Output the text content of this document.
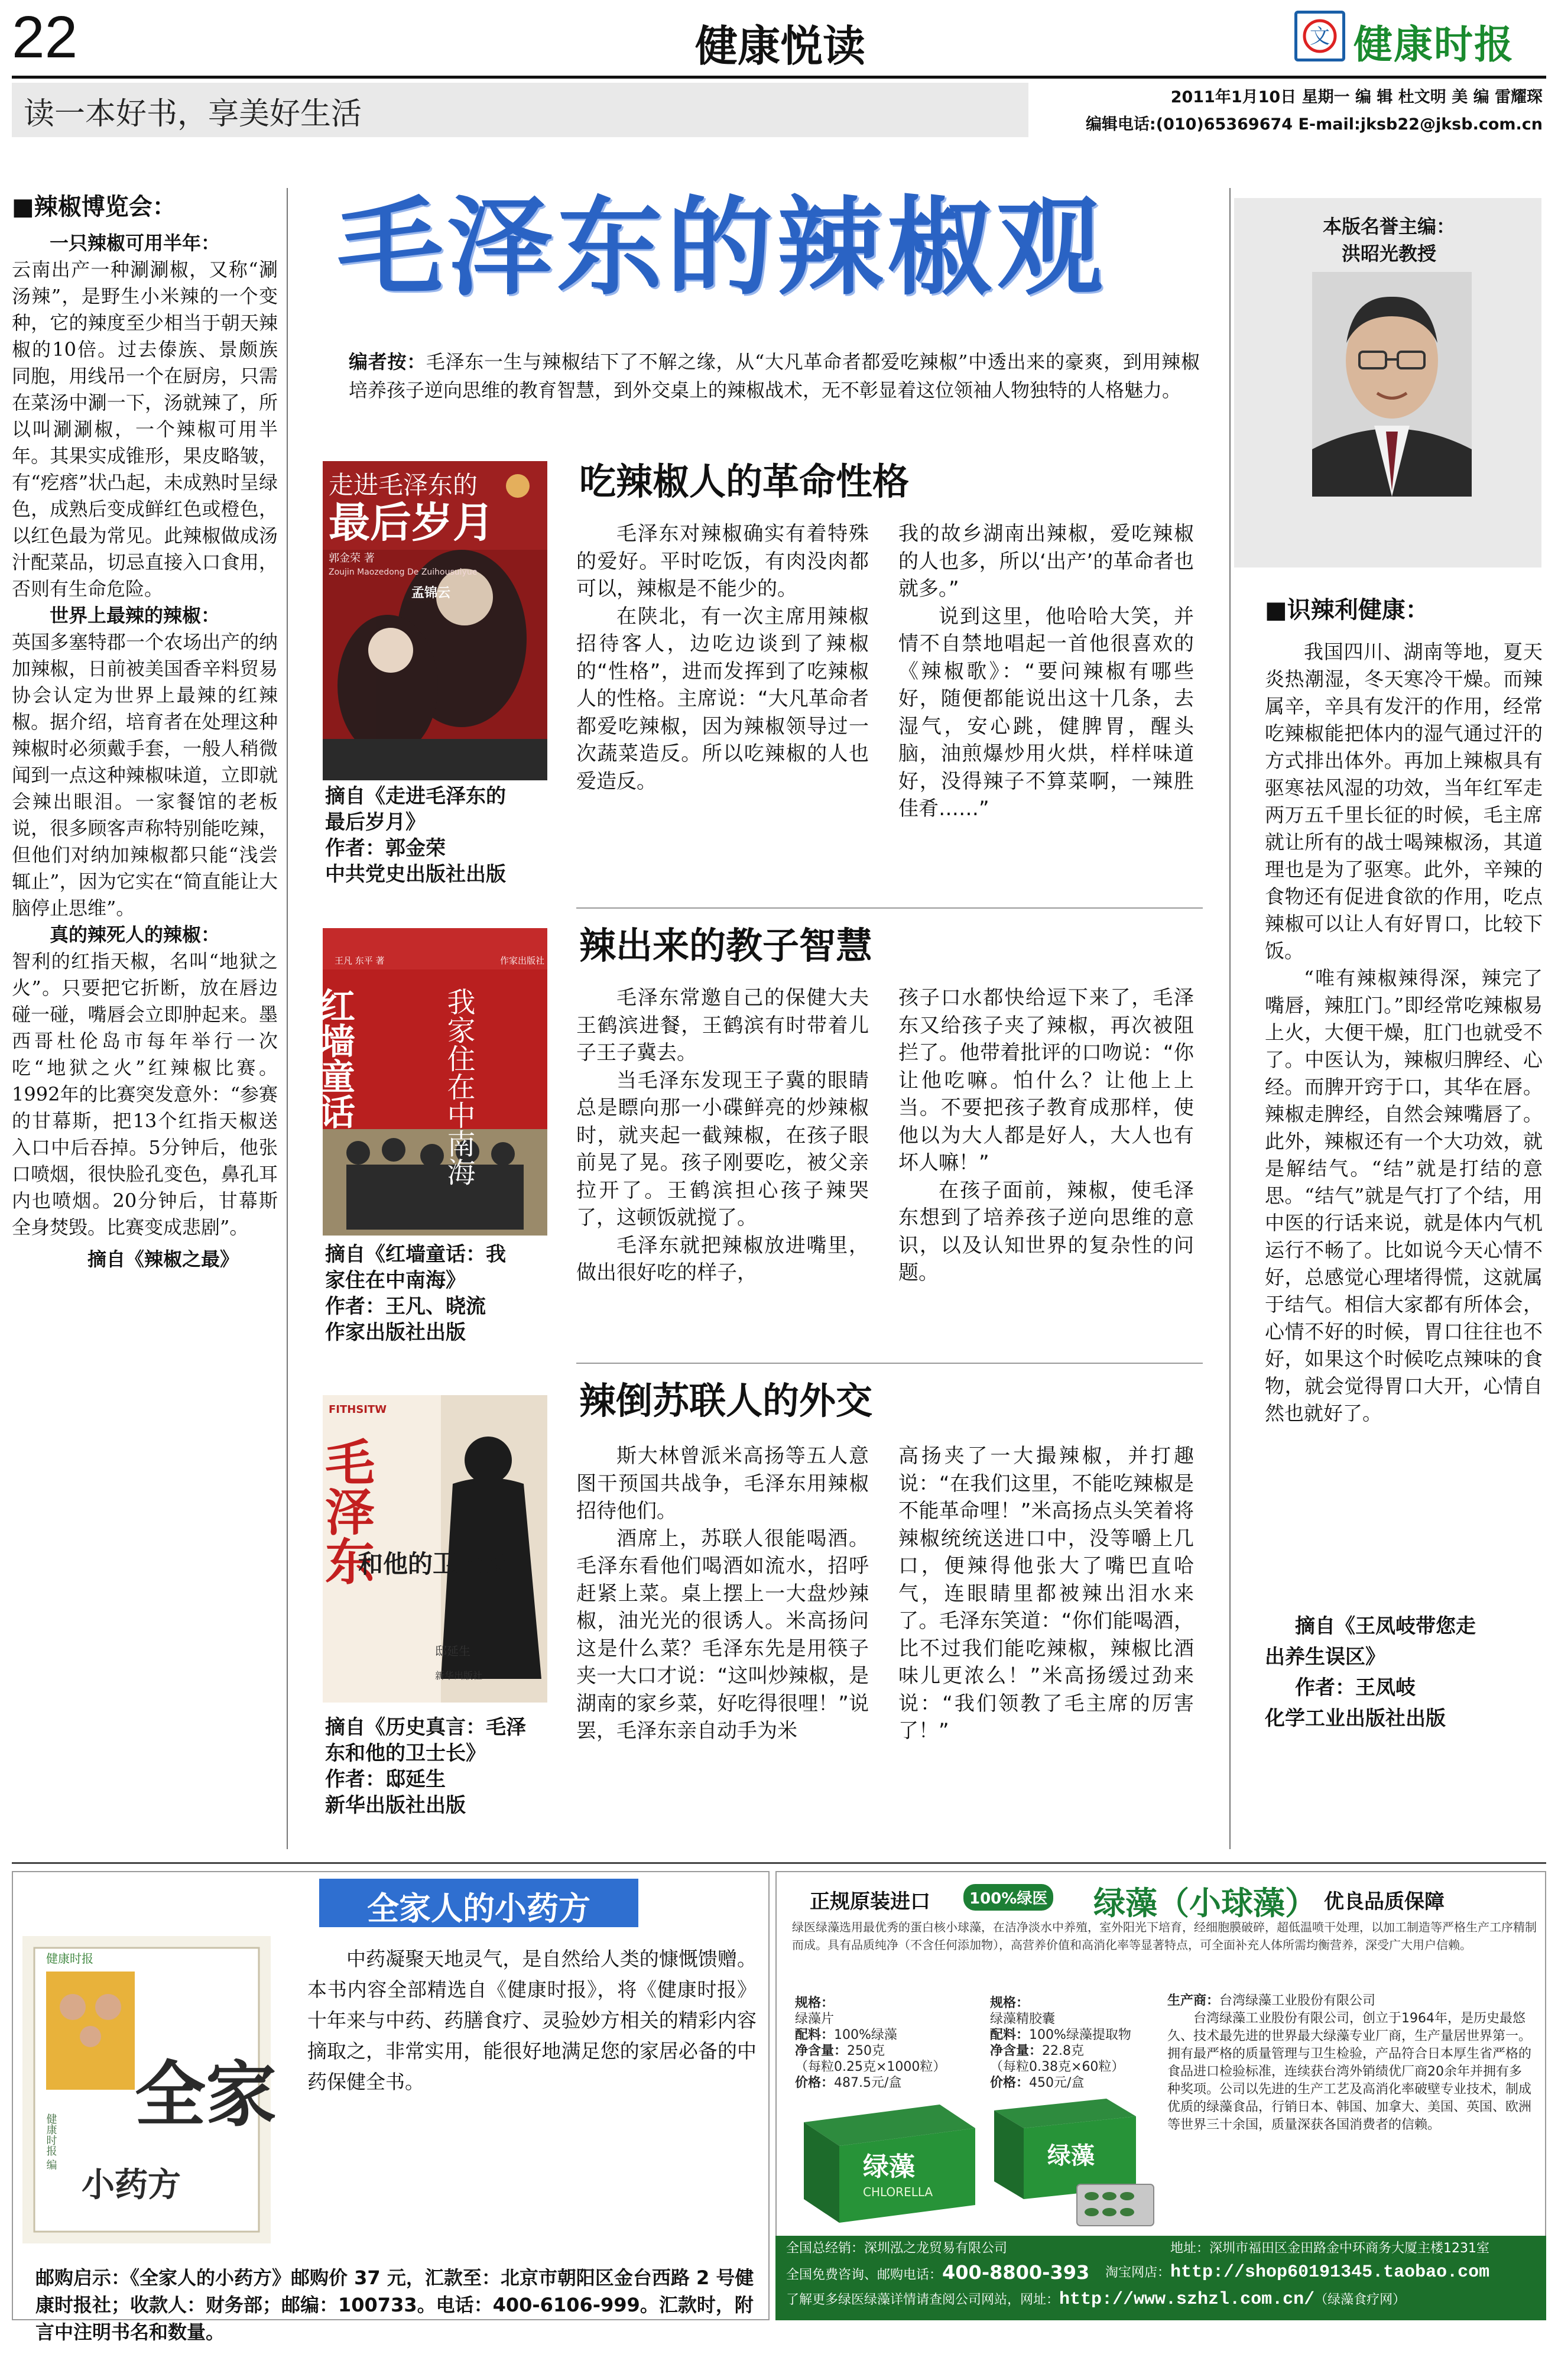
22	健康悦读	文 健康时报
读一本好书，享美好生活	2011年1月10日 星期一 编 辑 杜文明 美 编 雷耀琛
编辑电话:(010)65369674 E-mail:jksb22@jksb.com.cn
■辣椒博览会：
一只辣椒可用半年：
云南出产一种涮涮椒，又称“涮汤辣”，是野生小米辣的一个变种，它的辣度至少相当于朝天辣椒的10倍。过去傣族、景颇族同胞，用线吊一个在厨房，只需在菜汤中涮一下，汤就辣了，所以叫涮涮椒，一个辣椒可用半年。其果实成锥形，果皮略皱，有“疙瘩”状凸起，未成熟时呈绿色，成熟后变成鲜红色或橙色，以红色最为常见。此辣椒做成汤汁配菜品，切忌直接入口食用，否则有生命危险。
世界上最辣的辣椒：
英国多塞特郡一个农场出产的纳加辣椒，日前被美国香辛料贸易协会认定为世界上最辣的红辣椒。据介绍，培育者在处理这种辣椒时必须戴手套，一般人稍微闻到一点这种辣椒味道，立即就会辣出眼泪。一家餐馆的老板说，很多顾客声称特别能吃辣，但他们对纳加辣椒都只能“浅尝辄止”，因为它实在“简直能让大脑停止思维”。
真的辣死人的辣椒：
智利的红指天椒，名叫“地狱之火”。只要把它折断，放在唇边碰一碰，嘴唇会立即肿起来。墨西哥杜伦岛市每年举行一次吃“地狱之火”红辣椒比赛。1992年的比赛突发意外：“参赛的甘幕斯，把13个红指天椒送入口中后吞掉。5分钟后，他张口喷烟，很快脸孔变色，鼻孔耳内也喷烟。20分钟后，甘幕斯全身焚毁。比赛变成悲剧”。
摘自《辣椒之最》
毛泽东的辣椒观
编者按：毛泽东一生与辣椒结下了不解之缘，从“大凡革命者都爱吃辣椒”中透出来的豪爽，到用辣椒培养孩子逆向思维的教育智慧，到外交桌上的辣椒战术，无不彰显着这位领袖人物独特的人格魅力。
走进毛泽东的
最后岁月
郭金荣 著
Zoujin Maozedong De Zuihousuiyue
孟锦云
摘自《走进毛泽东的
最后岁月》
作者：郭金荣
中共党史出版社出版
王凡 东平 著	作家出版社
红墙童话	我家住在中南海
摘自《红墙童话：我
家住在中南海》
作者：王凡、晓流
作家出版社出版
FITHSITW
毛泽东
和他的卫士长
邸延生
新华出版社
摘自《历史真言：毛泽
东和他的卫士长》
作者：邸延生
新华出版社出版
吃辣椒人的革命性格

毛泽东对辣椒确实有着特殊的爱好。平时吃饭，有肉没肉都可以，辣椒是不能少的。

在陕北，有一次主席用辣椒招待客人，边吃边谈到了辣椒的“性格”，进而发挥到了吃辣椒人的性格。主席说：“大凡革命者都爱吃辣椒，因为辣椒领导过一次蔬菜造反。所以吃辣椒的人也爱造反。

我的故乡湖南出辣椒，爱吃辣椒的人也多，所以‘出产’的革命者也就多。”

说到这里，他哈哈大笑，并情不自禁地唱起一首他很喜欢的《辣椒歌》：“要问辣椒有哪些好，随便都能说出这十几条，去湿气，安心跳，健脾胃，醒头脑，油煎爆炒用火烘，样样味道好，没得辣子不算菜啊，一辣胜佳肴……”

辣出来的教子智慧

毛泽东常邀自己的保健大夫王鹤滨进餐，王鹤滨有时带着儿子王子冀去。

当毛泽东发现王子冀的眼睛总是瞟向那一小碟鲜亮的炒辣椒时，就夹起一截辣椒，在孩子眼前晃了晃。孩子刚要吃，被父亲拉开了。王鹤滨担心孩子辣哭了，这顿饭就搅了。

毛泽东就把辣椒放进嘴里，做出很好吃的样子，

孩子口水都快给逗下来了，毛泽东又给孩子夹了辣椒，再次被阻拦了。他带着批评的口吻说：“你让他吃嘛。怕什么？让他上上当。不要把孩子教育成那样，使他以为大人都是好人，大人也有坏人嘛！”

在孩子面前，辣椒，使毛泽东想到了培养孩子逆向思维的意识，以及认知世界的复杂性的问题。

辣倒苏联人的外交

斯大林曾派米高扬等五人意图干预国共战争，毛泽东用辣椒招待他们。

酒席上，苏联人很能喝酒。毛泽东看他们喝酒如流水，招呼赶紧上菜。桌上摆上一大盘炒辣椒，油光光的很诱人。米高扬问这是什么菜？毛泽东先是用筷子夹一大口才说：“这叫炒辣椒，是湖南的家乡菜，好吃得很哩！”说罢，毛泽东亲自动手为米

高扬夹了一大撮辣椒，并打趣说：“在我们这里，不能吃辣椒是不能革命哩！”米高扬点头笑着将辣椒统统送进口中，没等嚼上几口，便辣得他张大了嘴巴直哈气，连眼睛里都被辣出泪水来了。毛泽东笑道：“你们能喝酒，比不过我们能吃辣椒，辣椒比酒味儿更浓么！”米高扬缓过劲来说：“我们领教了毛主席的厉害了！”

本版名誉主编：
洪昭光教授
■识辣利健康：
我国四川、湖南等地，夏天炎热潮湿，冬天寒冷干燥。而辣属辛，辛具有发汗的作用，经常吃辣椒能把体内的湿气通过汗的方式排出体外。再加上辣椒具有驱寒祛风湿的功效，当年红军走两万五千里长征的时候，毛主席就让所有的战士喝辣椒汤，其道理也是为了驱寒。此外，辛辣的食物还有促进食欲的作用，吃点辣椒可以让人有好胃口，比较下饭。
“唯有辣椒辣得深，辣完了嘴唇，辣肛门。”即经常吃辣椒易上火，大便干燥，肛门也就受不了。中医认为，辣椒归脾经、心经。而脾开窍于口，其华在唇。辣椒走脾经，自然会辣嘴唇了。此外，辣椒还有一个大功效，就是解结气。“结”就是打结的意思。“结气”就是气打了个结，用中医的行话来说，就是体内气机运行不畅了。比如说今天心情不好，总感觉心理堵得慌，这就属于结气。相信大家都有所体会，心情不好的时候，胃口往往也不好，如果这个时候吃点辣味的食物，就会觉得胃口大开，心情自然也就好了。
摘自《王凤岐带您走
出养生误区》
作者：王凤岐
化学工业出版社出版
全家人的小药方
健康时报
全家
小药方
健康时报 编
中药凝聚天地灵气，是自然给人类的慷慨馈赠。本书内容全部精选自《健康时报》，将《健康时报》十年来与中药、药膳食疗、灵验妙方相关的精彩内容摘取之，非常实用，能很好地满足您的家居必备的中药保健全书。
邮购启示：《全家人的小药方》邮购价 37 元，汇款至：北京市朝阳区金台西路 2 号健康时报社；收款人：财务部；邮编：100733。电话：400-6106-999。汇款时，附言中注明书名和数量。
正规原装进口	100%绿医 绿藻（小球藻） 优良品质保障
绿医绿藻选用最优秀的蛋白核小球藻，在洁净淡水中养殖，室外阳光下培育，经细胞膜破碎，超低温喷干处理，以加工制造等严格生产工序精制而成。具有品质纯净（不含任何添加物），高营养价值和高消化率等显著特点，可全面补充人体所需均衡营养，深受广大用户信赖。
规格：
绿藻片
配料：100%绿藻
净含量：250克
（每粒0.25克×1000粒）
价格：487.5元/盒
规格：
绿藻精胶囊
配料：100%绿藻提取物
净含量：22.8克
（每粒0.38克×60粒）
价格：450元/盒
绿藻
CHLORELLA
绿藻
生产商：台湾绿藻工业股份有限公司

台湾绿藻工业股份有限公司，创立于1964年，是历史最悠久、技术最先进的世界最大绿藻专业厂商，生产量居世界第一。拥有最严格的质量管理与卫生检验，产品符合日本厚生省严格的食品进口检验标准，连续获台湾外销绩优厂商20余年并拥有多种奖项。公司以先进的生产工艺及高消化率破壁专业技术，制成优质的绿藻食品，行销日本、韩国、加拿大、美国、英国、欧洲等世界三十余国，质量深获各国消费者的信赖。

全国总经销：深圳泓之龙贸易有限公司	地址：深圳市福田区金田路金中环商务大厦主楼1231室
全国免费咨询、邮购电话：400-8800-393 淘宝网店：http://shop60191345.taobao.com
了解更多绿医绿藻详情请查阅公司网站，网址：http://www.szhzl.com.cn/（绿藻食疗网）
